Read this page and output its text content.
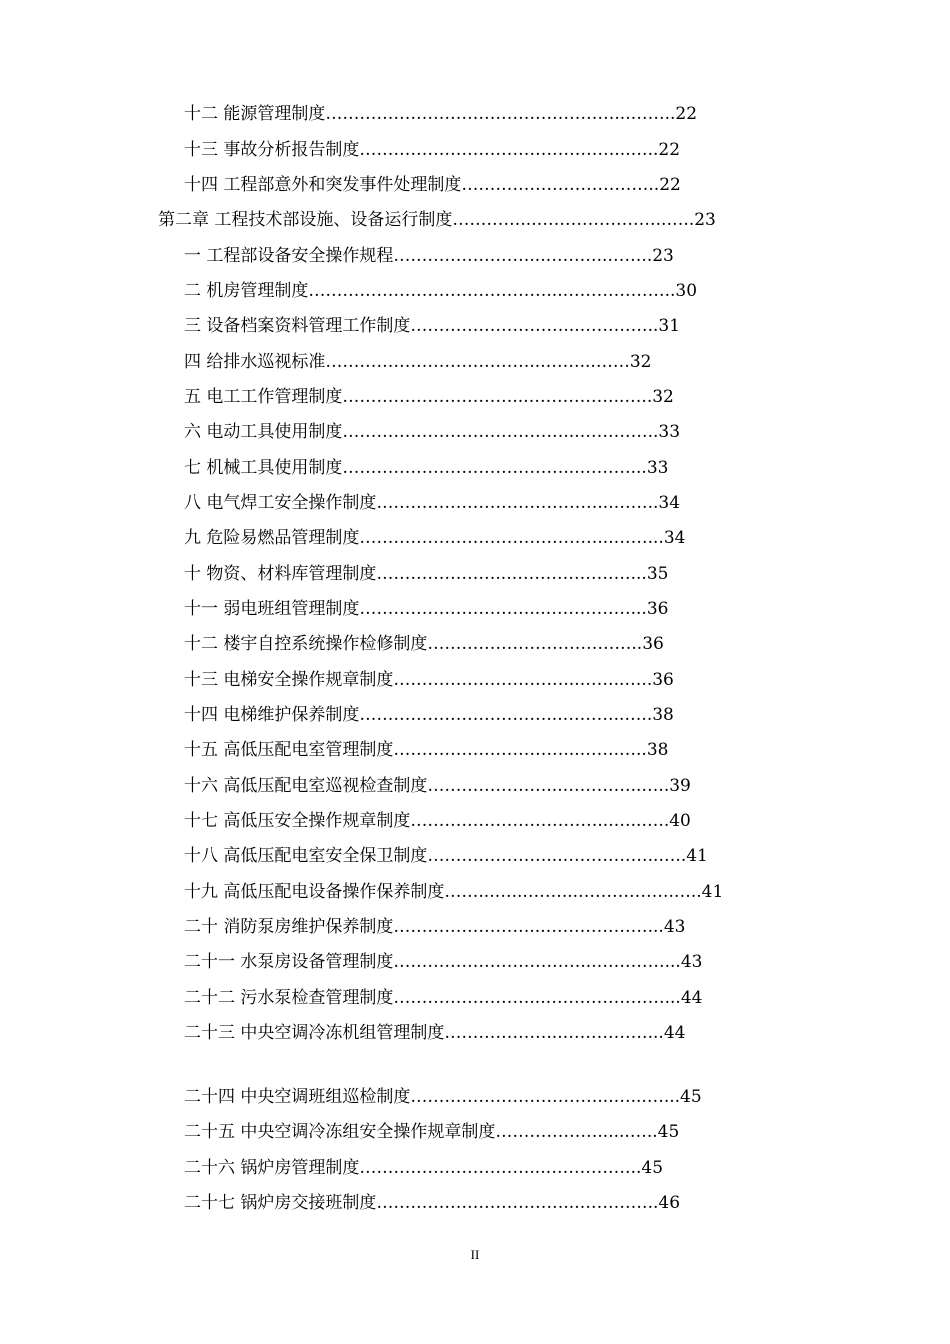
十二 能源管理制度……………………………………………...……..22
十三 事故分析报告制度………………………………………...…..22
十四 工程部意外和突发事件处理制度……………………………..22
第二章 工程技术部设施、设备运行制度…………...…………………..…..23
一 工程部设备安全操作规程……………………...………..……..23
二 机房管理制度……………………………………...………………..30
三 设备档案资料管理工作制度………………………...…………..31
四 给排水巡视标准………………………………...……...……32
五 电工工作管理制度…………………………...……………..…..32
六 电动工具使用制度…………………………………...…………..33
七 机械工具使用制度…………………………………...………...33
八 电气焊工安全操作制度…………………………………...……..34
九 危险易燃品管理制度……………………………………...……...34
十 物资、材料库管理制度…………………...…………………...35
十一 弱电班组管理制度…………………………...……………...36
十二 楼宇自控系统操作检修制度………………………………..36
十三 电梯安全操作规章制度…………………………...……..…..36
十四 电梯维护保养制度……………………………...………..…..38
十五 高低压配电室管理制度…………………………...…….…..38
十六 高低压配电室巡视检查制度…………………...…………..…..39
十七 高低压安全操作规章制度……………………………...…..…..40
十八 高低压配电室安全保卫制度…………………...……………..…..41
十九 高低压配电设备操作保养制度……...…...……...……………..…..41
二十 消防泵房维护保养制度……………………...………………...43
二十一 水泵房设备管理制度……………………………...…………...43
二十二 污水泵检查管理制度……………………...…………………...44
二十三 中央空调冷冻机组管理制度………………...……………...44
二十四 中央空调班组巡检制度……………………………...…...…...45
二十五 中央空调冷冻组安全操作规章制度………………......…..45
二十六 锅炉房管理制度…………………………...……………..45
二十七 锅炉房交接班制度……………………………...…………..46
II
